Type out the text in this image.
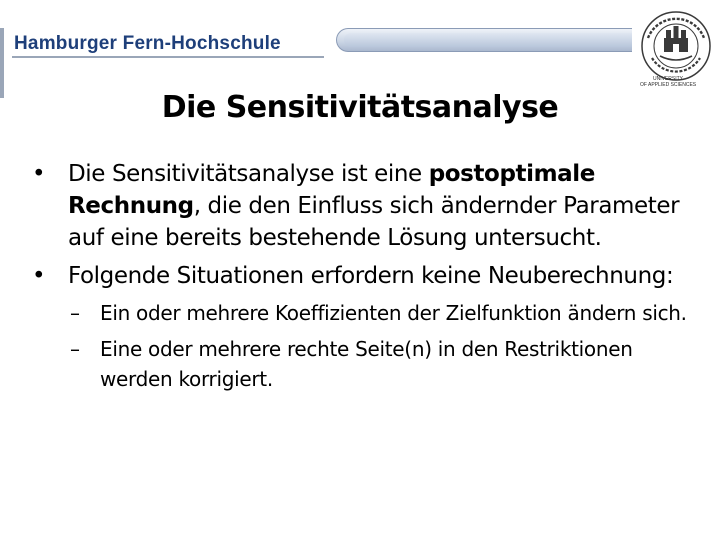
Hamburger Fern-Hochschule
UNIVERSITY
OF APPLIED SCIENCES
Die Sensitivitätsanalyse
• Die Sensitivitätsanalyse ist eine postoptimale Rechnung, die den Einfluss sich ändernder Parameter auf eine bereits bestehende Lösung untersucht.
• Folgende Situationen erfordern keine Neuberechnung:
– Ein oder mehrere Koeffizienten der Zielfunktion ändern sich.
– Eine oder mehrere rechte Seite(n) in den Restriktionen werden korrigiert.
